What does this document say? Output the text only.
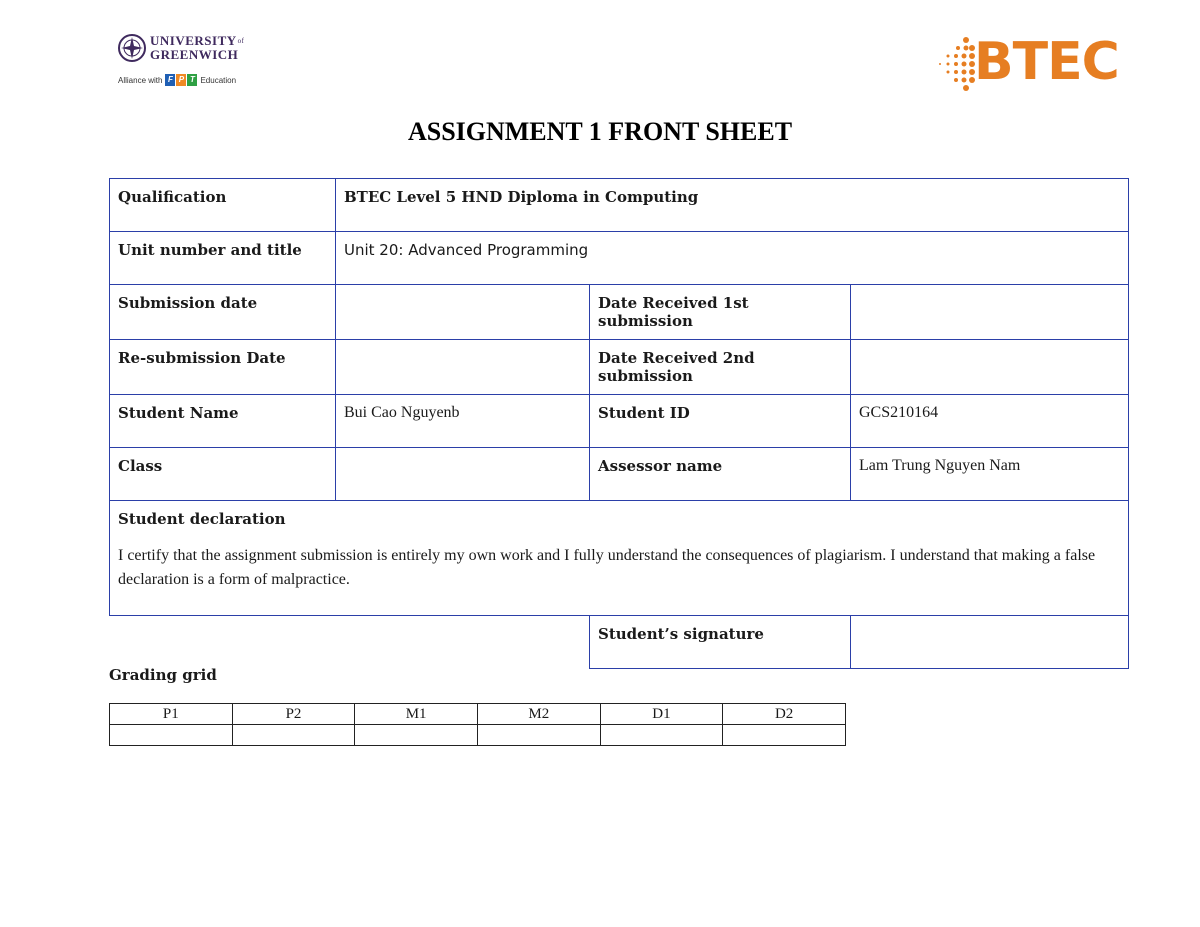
$UNIVERSITY^{of}$
GREENWICH
Alliance with F P T Education	BTEC
ASSIGNMENT 1 FRONT SHEET
Qualification	BTEC Level 5 HND Diploma in Computing		
Unit number and title	Unit 20: Advanced Programming		
Submission date		Date Received 1st submission	
Re-submission Date		Date Received 2nd submission	
Student Name	Bui Cao Nguyenb	Student ID	GCS210164
Class		Assessor name	Lam Trung Nguyen Nam

Student declaration
I certify that the assignment submission is entirely my own work and I fully understand the consequences of plagiarism. I understand that making a false declaration is a form of malpractice.			

		Student’s signature	
Grading grid
P1	P2	M1	M2	D1	D2
